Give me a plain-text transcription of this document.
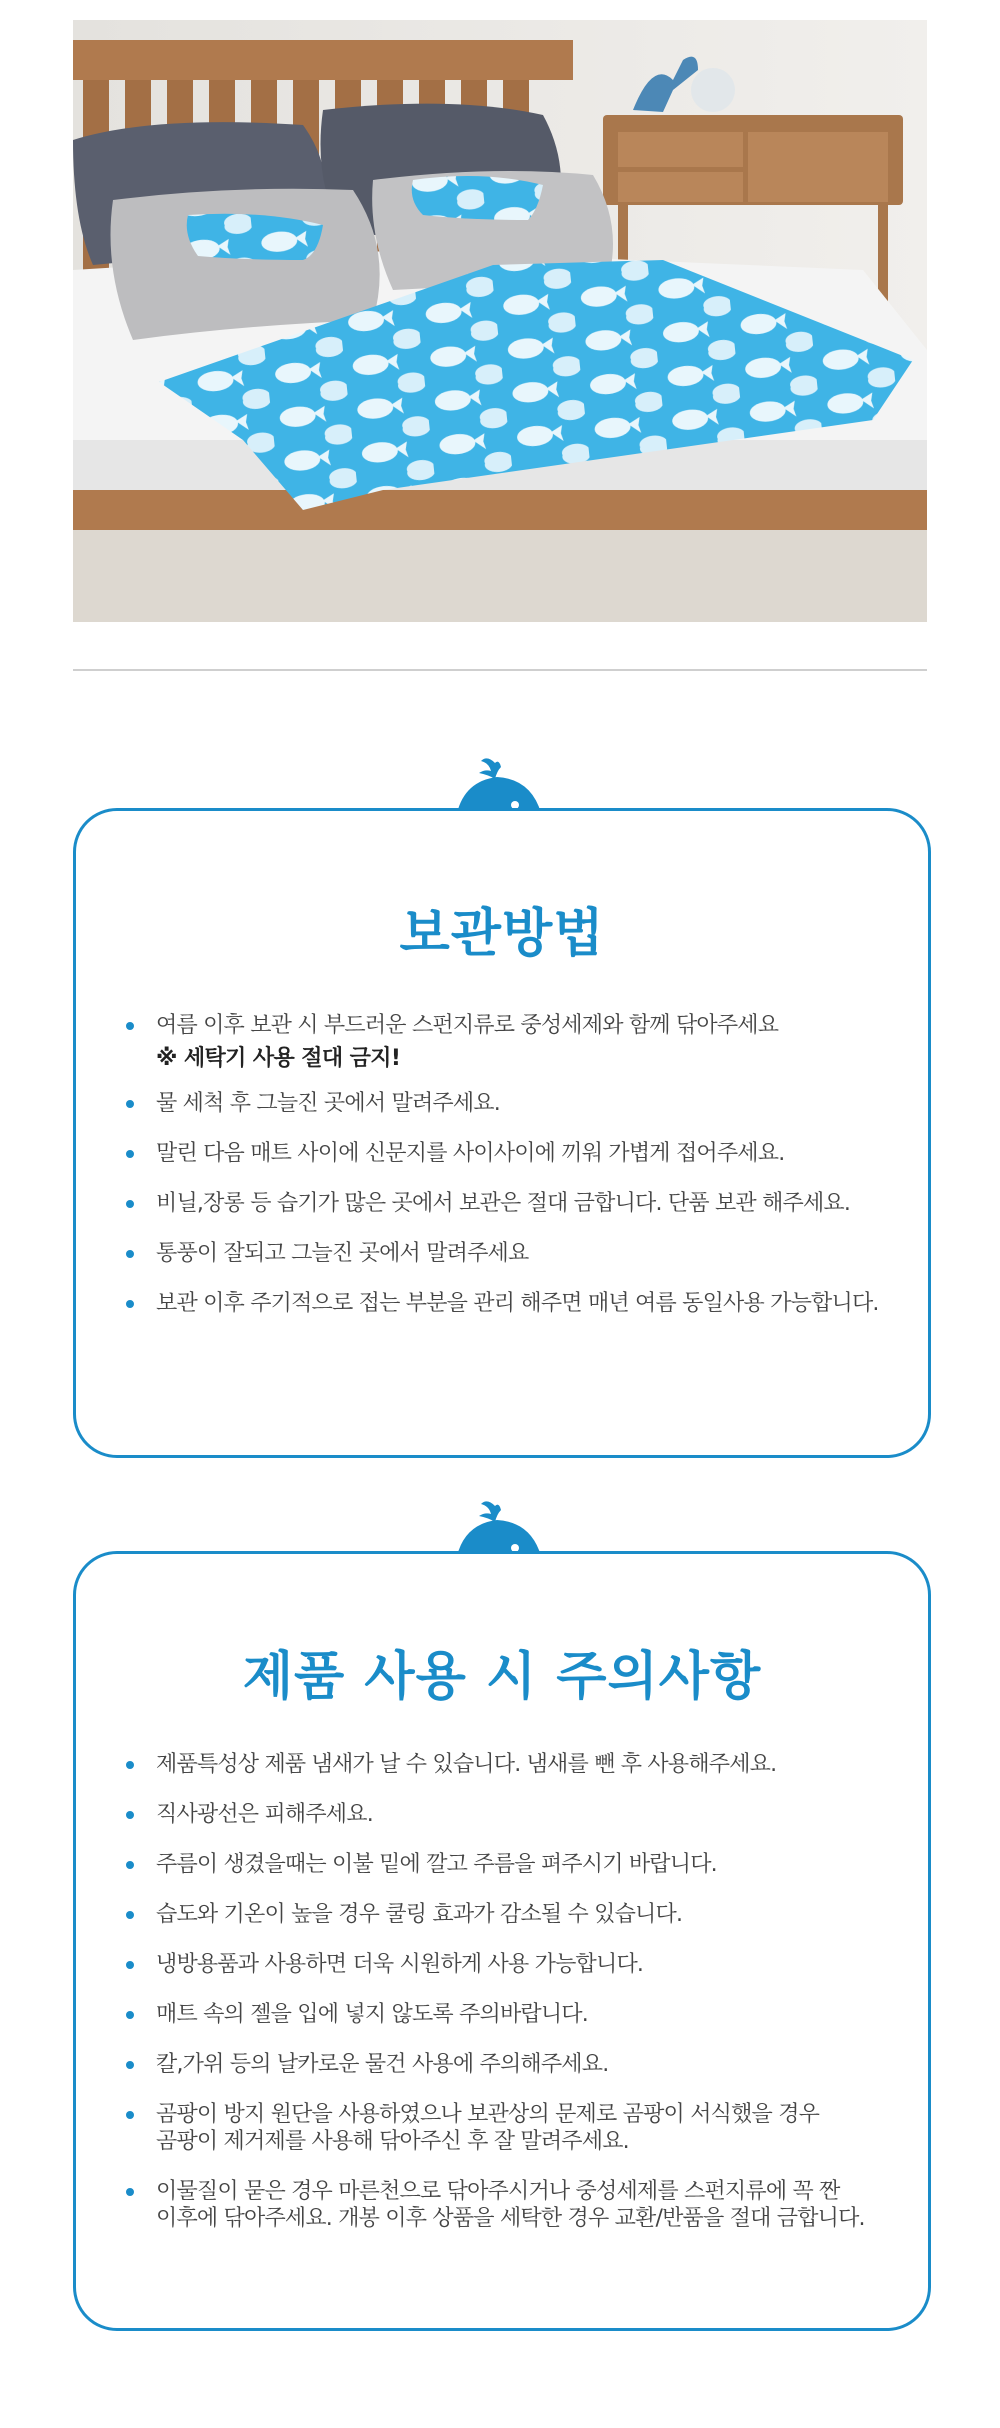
보관방법
여름 이후 보관 시 부드러운 스펀지류로 중성세제와 함께 닦아주세요
※ 세탁기 사용 절대 금지!
물 세척 후 그늘진 곳에서 말려주세요.
말린 다음 매트 사이에 신문지를 사이사이에 끼워 가볍게 접어주세요.
비닐,장롱 등 습기가 많은 곳에서 보관은 절대 금합니다. 단품 보관 해주세요.
통풍이 잘되고 그늘진 곳에서 말려주세요
보관 이후 주기적으로 접는 부분을 관리 해주면 매년 여름 동일사용 가능합니다.
제품 사용 시 주의사항
제품특성상 제품 냄새가 날 수 있습니다. 냄새를 뺀 후 사용해주세요.
직사광선은 피해주세요.
주름이 생겼을때는 이불 밑에 깔고 주름을 펴주시기 바랍니다.
습도와 기온이 높을 경우 쿨링 효과가 감소될 수 있습니다.
냉방용품과 사용하면 더욱 시원하게 사용 가능합니다.
매트 속의 젤을 입에 넣지 않도록 주의바랍니다.
칼,가위 등의 날카로운 물건 사용에 주의해주세요.
곰팡이 방지 원단을 사용하였으나 보관상의 문제로 곰팡이 서식했을 경우
곰팡이 제거제를 사용해 닦아주신 후 잘 말려주세요.
이물질이 묻은 경우 마른천으로 닦아주시거나 중성세제를 스펀지류에 꼭 짠
이후에 닦아주세요. 개봉 이후 상품을 세탁한 경우 교환/반품을 절대 금합니다.
